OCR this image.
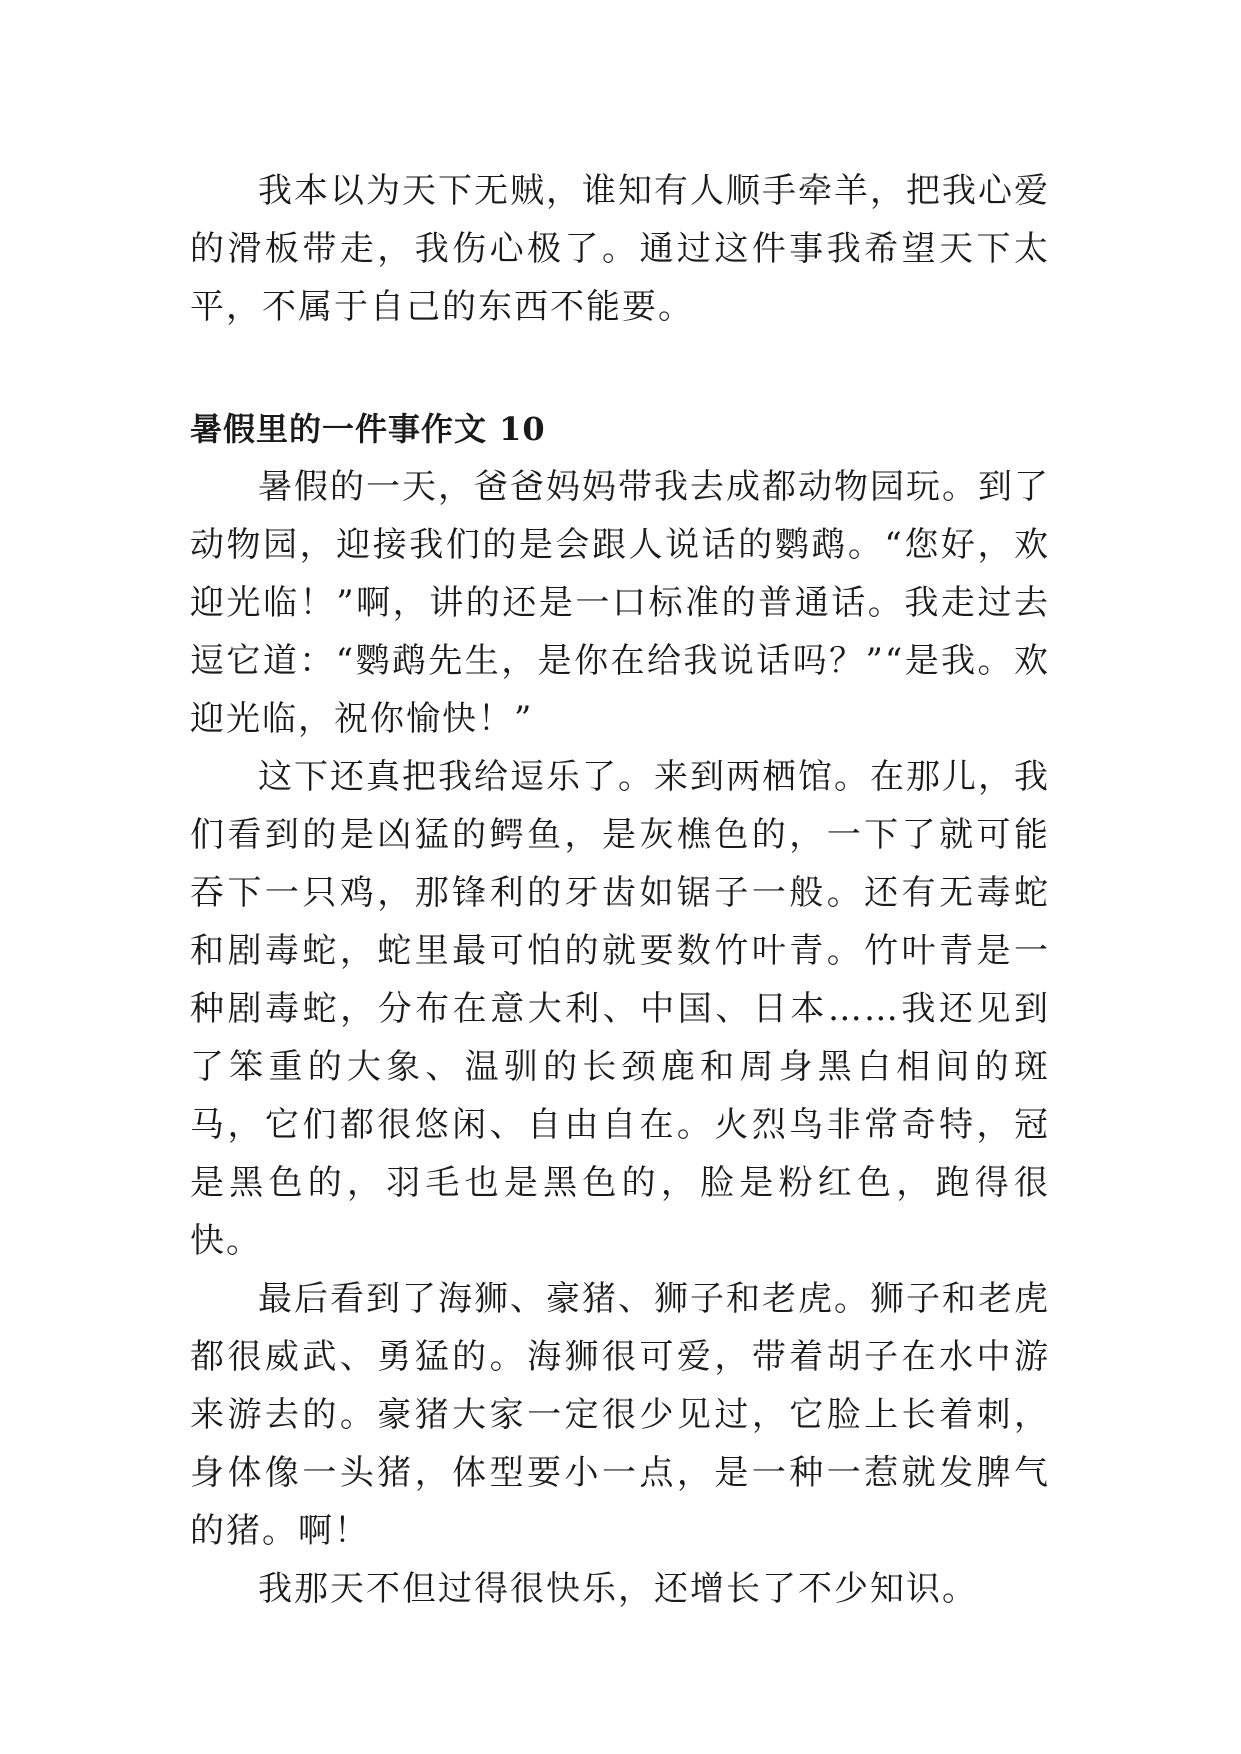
我本以为天下无贼，谁知有人顺手牵羊，把我心爱的滑板带走，我伤心极了。通过这件事我希望天下太平，不属于自己的东西不能要。

暑假里的一件事作文 10

暑假的一天，爸爸妈妈带我去成都动物园玩。到了动物园，迎接我们的是会跟人说话的鹦鹉。“您好，欢迎光临！”啊，讲的还是一口标准的普通话。我走过去逗它道：“鹦鹉先生，是你在给我说话吗？”“是我。欢迎光临，祝你愉快！”

这下还真把我给逗乐了。来到两栖馆。在那儿，我们看到的是凶猛的鳄鱼，是灰樵色的，一下了就可能吞下一只鸡，那锋利的牙齿如锯子一般。还有无毒蛇和剧毒蛇，蛇里最可怕的就要数竹叶青。竹叶青是一种剧毒蛇，分布在意大利、中国、日本……我还见到了笨重的大象、温驯的长颈鹿和周身黑白相间的斑马，它们都很悠闲、自由自在。火烈鸟非常奇特，冠是黑色的，羽毛也是黑色的，脸是粉红色，跑得很快。

最后看到了海狮、豪猪、狮子和老虎。狮子和老虎都很威武、勇猛的。海狮很可爱，带着胡子在水中游来游去的。豪猪大家一定很少见过，它脸上长着刺，身体像一头猪，体型要小一点，是一种一惹就发脾气的猪。啊！

我那天不但过得很快乐，还增长了不少知识。
